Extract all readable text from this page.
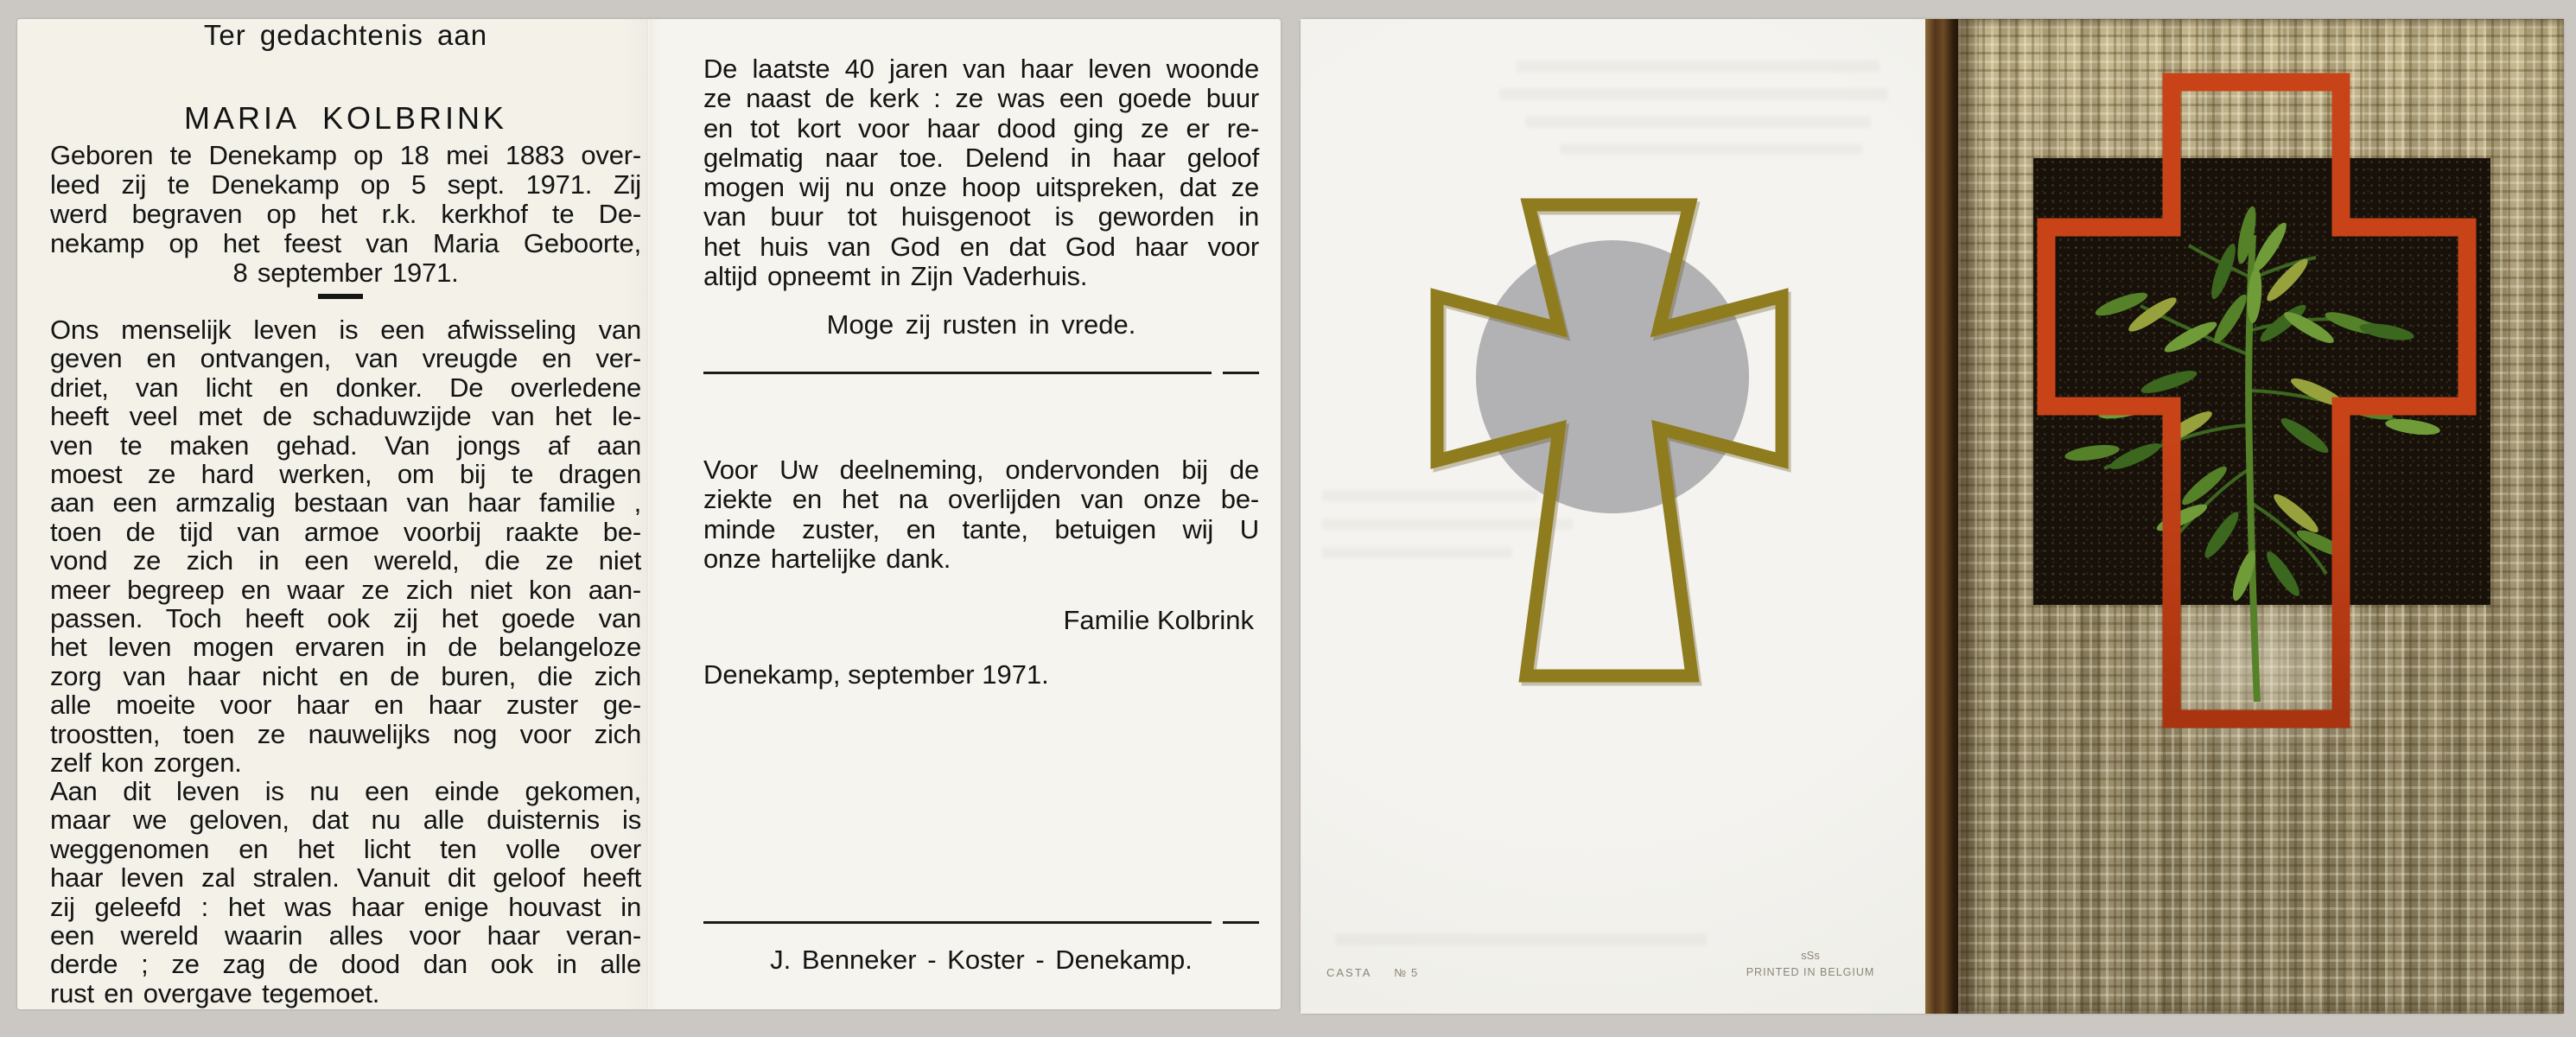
Ter gedachtenis aan
MARIA KOLBRINK
Geboren te Denekamp op 18 mei 1883 over-
leed zij te Denekamp op 5 sept. 1971. Zij
werd begraven op het r.k. kerkhof te De-
nekamp op het feest van Maria Geboorte,
8 september 1971.
Ons menselijk leven is een afwisseling van
geven en ontvangen, van vreugde en ver-
driet, van licht en donker. De overledene
heeft veel met de schaduwzijde van het le-
ven te maken gehad. Van jongs af aan
moest ze hard werken, om bij te dragen
aan een armzalig bestaan van haar familie ,
toen de tijd van armoe voorbij raakte be-
vond ze zich in een wereld, die ze niet
meer begreep en waar ze zich niet kon aan-
passen. Toch heeft ook zij het goede van
het leven mogen ervaren in de belangeloze
zorg van haar nicht en de buren, die zich
alle moeite voor haar en haar zuster ge-
troostten, toen ze nauwelijks nog voor zich
zelf kon zorgen.
Aan dit leven is nu een einde gekomen,
maar we geloven, dat nu alle duisternis is
weggenomen en het licht ten volle over
haar leven zal stralen. Vanuit dit geloof heeft
zij geleefd : het was haar enige houvast in
een wereld waarin alles voor haar veran-
derde ; ze zag de dood dan ook in alle
rust en overgave tegemoet.
De laatste 40 jaren van haar leven woonde
ze naast de kerk : ze was een goede buur
en tot kort voor haar dood ging ze er re-
gelmatig naar toe. Delend in haar geloof
mogen wij nu onze hoop uitspreken, dat ze
van buur tot huisgenoot is geworden in
het huis van God en dat God haar voor
altijd opneemt in Zijn Vaderhuis.
Moge zij rusten in vrede.
Voor Uw deelneming, ondervonden bij de
ziekte en het na overlijden van onze be-
minde zuster, en tante, betuigen wij U
onze hartelijke dank.
Familie Kolbrink
Denekamp, september 1971.
J. Benneker - Koster - Denekamp.	CASTA № 5
sSs
PRINTED IN BELGIUM
